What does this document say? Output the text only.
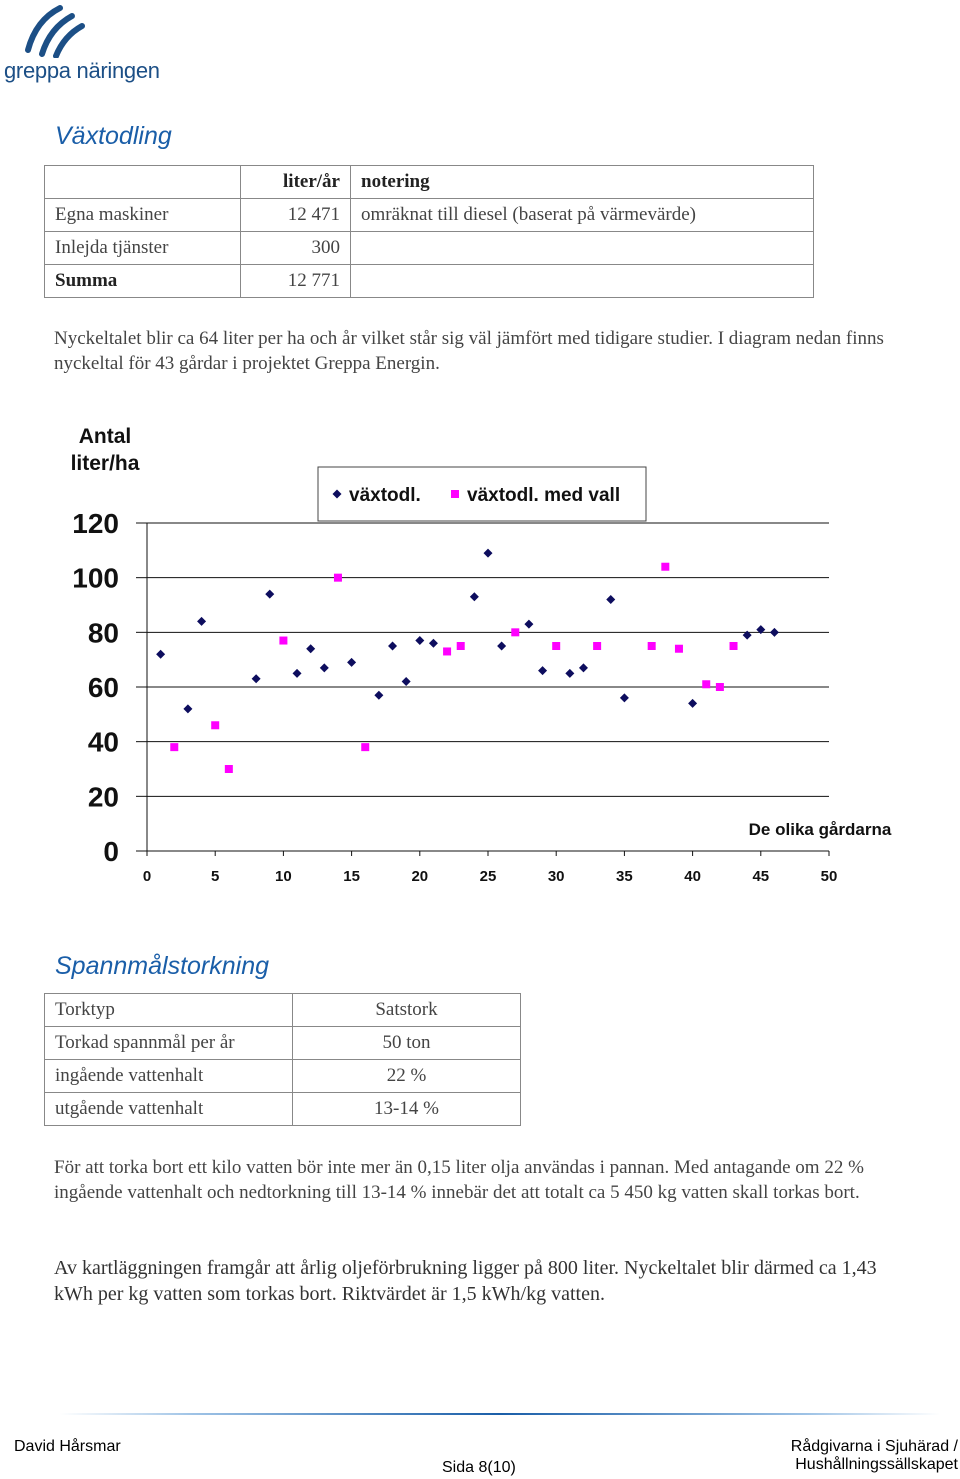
greppa näringen
Växtodling
	liter/år	notering
Egna maskiner	12 471	omräknat till diesel (baserat på värmevärde)
Inlejda tjänster	300	
Summa	12 771	
Nyckeltalet blir ca 64 liter per ha och år vilket står sig väl jämfört med tidigare studier. I diagram nedan finns nyckeltal för 43 gårdar i projektet Greppa Energin.
Antal
liter/ha
De olika gårdarna
växtodl. växtodl. med vall
0
20
40
60
80
100
120
0	5	10	15	20	25	30	35	40	45	50
Spannmålstorkning
Torktyp	Satstork
Torkad spannmål per år	50 ton
ingående vattenhalt	22 %
utgående vattenhalt	13-14 %
För att torka bort ett kilo vatten bör inte mer än 0,15 liter olja användas i pannan. Med antagande om 22 % ingående vattenhalt och nedtorkning till 13-14 % innebär det att totalt ca 5 450 kg vatten skall torkas bort.
Av kartläggningen framgår att årlig oljeförbrukning ligger på 800 liter. Nyckeltalet blir därmed ca 1,43 kWh per kg vatten som torkas bort. Riktvärdet är 1,5 kWh/kg vatten.
David Hårsmar
Sida 8(10)
Rådgivarna i Sjuhärad /
Hushållningssällskapet
